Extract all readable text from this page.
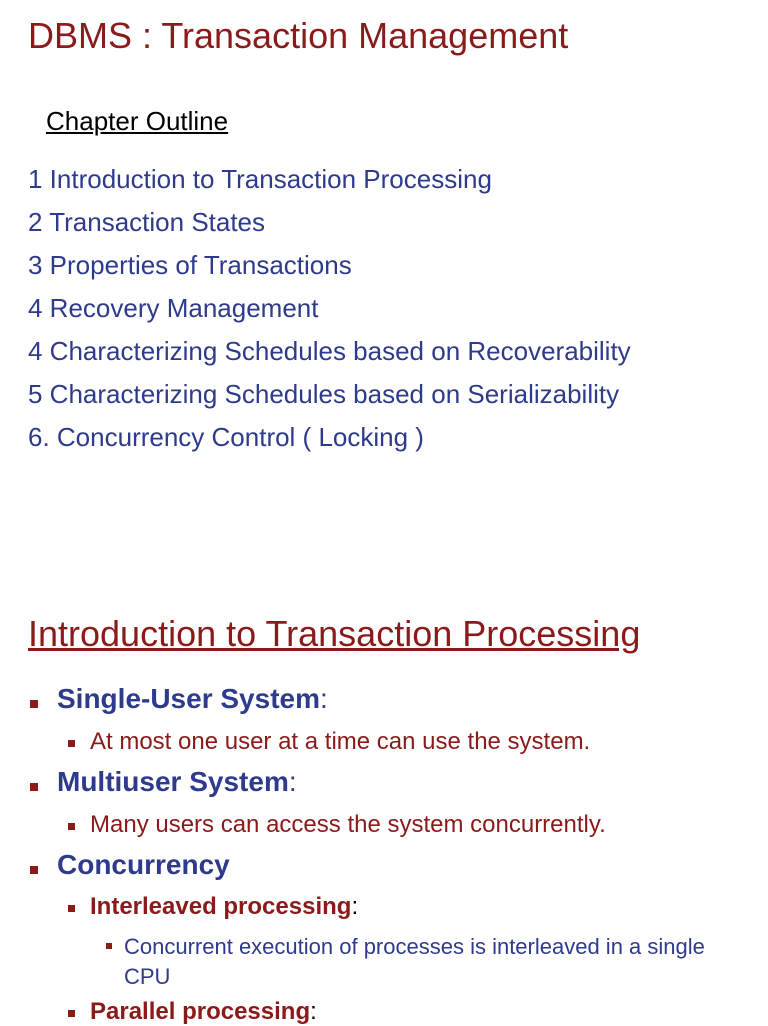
DBMS : Transaction Management
Chapter Outline
1 Introduction to Transaction Processing
2 Transaction States
3 Properties of Transactions
4 Recovery Management
4 Characterizing Schedules based on Recoverability
5 Characterizing Schedules based on Serializability
6. Concurrency Control ( Locking )
Introduction to Transaction Processing
Single-User System:
At most one user at a time can use the system.
Multiuser System:
Many users can access the system concurrently.
Concurrency
Interleaved processing:
Concurrent execution of processes is interleaved in a single CPU
Parallel processing:
